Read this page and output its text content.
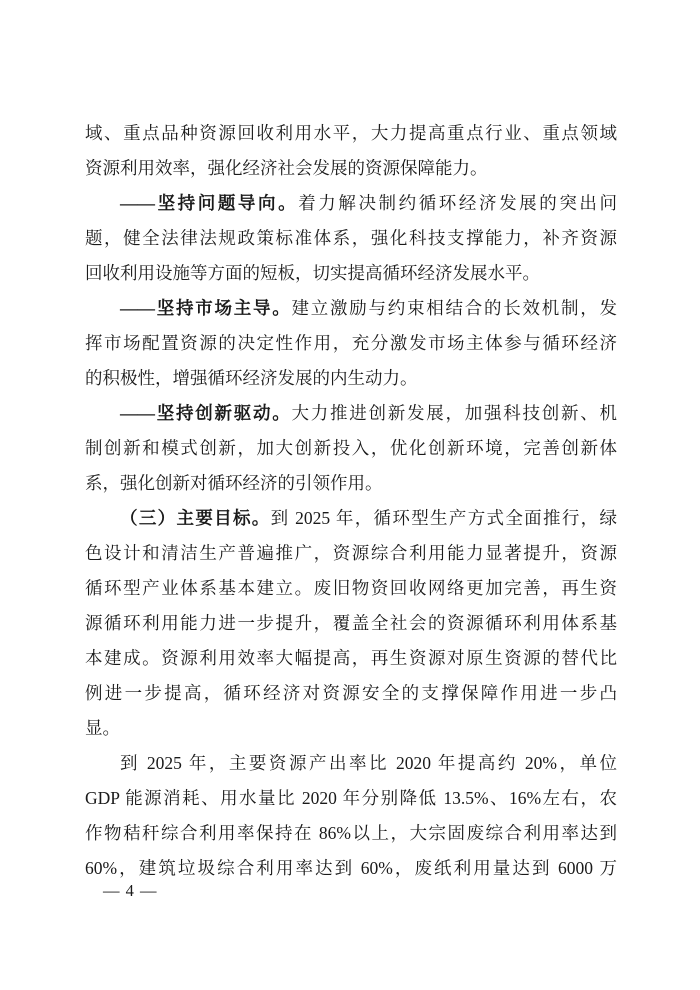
域、重点品种资源回收利用水平，大力提高重点行业、重点领域
资源利用效率，强化经济社会发展的资源保障能力。
——坚持问题导向。着力解决制约循环经济发展的突出问
题，健全法律法规政策标准体系，强化科技支撑能力，补齐资源
回收利用设施等方面的短板，切实提高循环经济发展水平。
——坚持市场主导。建立激励与约束相结合的长效机制，发
挥市场配置资源的决定性作用，充分激发市场主体参与循环经济
的积极性，增强循环经济发展的内生动力。
——坚持创新驱动。大力推进创新发展，加强科技创新、机
制创新和模式创新，加大创新投入，优化创新环境，完善创新体
系，强化创新对循环经济的引领作用。
（三）主要目标。到 2025 年，循环型生产方式全面推行，绿
色设计和清洁生产普遍推广，资源综合利用能力显著提升，资源
循环型产业体系基本建立。废旧物资回收网络更加完善，再生资
源循环利用能力进一步提升，覆盖全社会的资源循环利用体系基
本建成。资源利用效率大幅提高，再生资源对原生资源的替代比
例进一步提高，循环经济对资源安全的支撑保障作用进一步凸
显。
到 2025 年，主要资源产出率比 2020 年提高约 20%，单位
GDP 能源消耗、用水量比 2020 年分别降低 13.5%、16%左右，农
作物秸秆综合利用率保持在 86%以上，大宗固废综合利用率达到
60%，建筑垃圾综合利用率达到 60%，废纸利用量达到 6000 万
— 4 —
